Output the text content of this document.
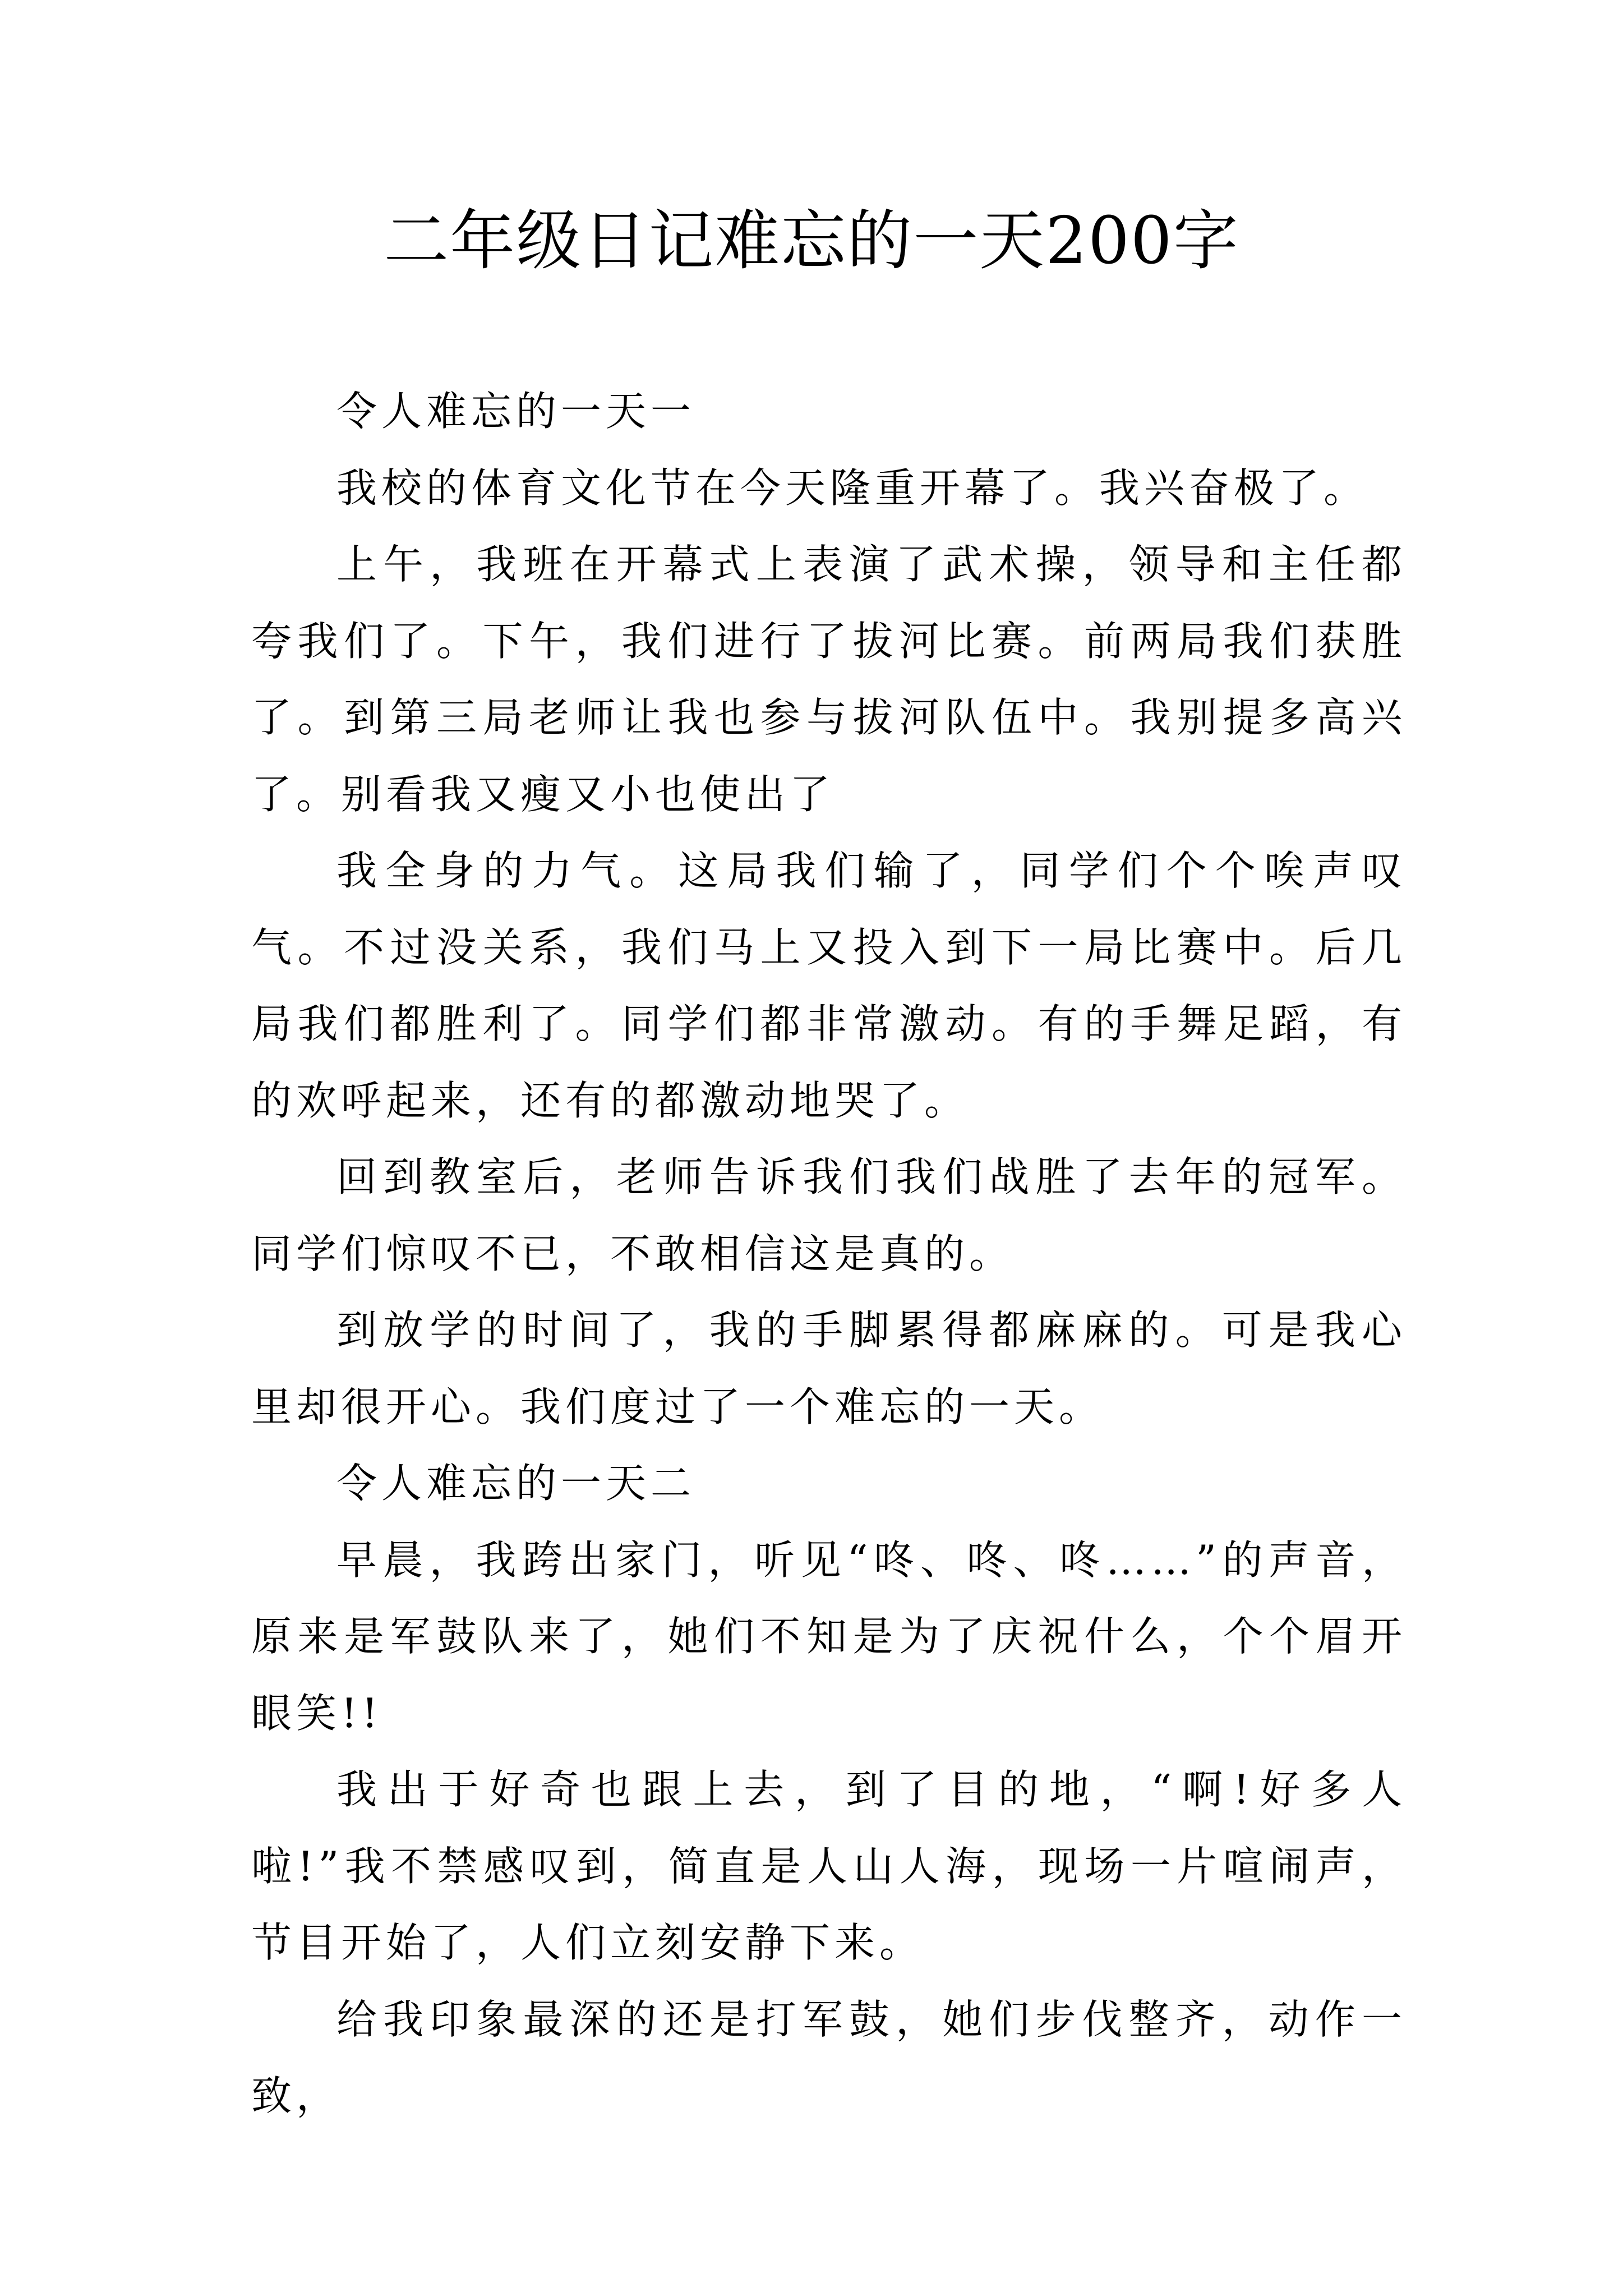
二年级日记难忘的一天200字

令人难忘的一天一

我校的体育文化节在今天隆重开幕了。我兴奋极了。

上午，我班在开幕式上表演了武术操，领导和主任都夸我们了。下午，我们进行了拔河比赛。前两局我们获胜了。到第三局老师让我也参与拔河队伍中。我别提多高兴了。别看我又瘦又小也使出了

我全身的力气。这局我们输了，同学们个个唉声叹气。不过没关系，我们马上又投入到下一局比赛中。后几局我们都胜利了。同学们都非常激动。有的手舞足蹈，有的欢呼起来，还有的都激动地哭了。

回到教室后，老师告诉我们我们战胜了去年的冠军。同学们惊叹不已，不敢相信这是真的。

到放学的时间了，我的手脚累得都麻麻的。可是我心里却很开心。我们度过了一个难忘的一天。

令人难忘的一天二

早晨，我跨出家门，听见“咚、咚、咚……”的声音，原来是军鼓队来了，她们不知是为了庆祝什么，个个眉开眼笑!!

我出于好奇也跟上去，到了目的地，“啊!好多人啦!”我不禁感叹到，简直是人山人海，现场一片喧闹声，节目开始了，人们立刻安静下来。

给我印象最深的还是打军鼓，她们步伐整齐，动作一致，
